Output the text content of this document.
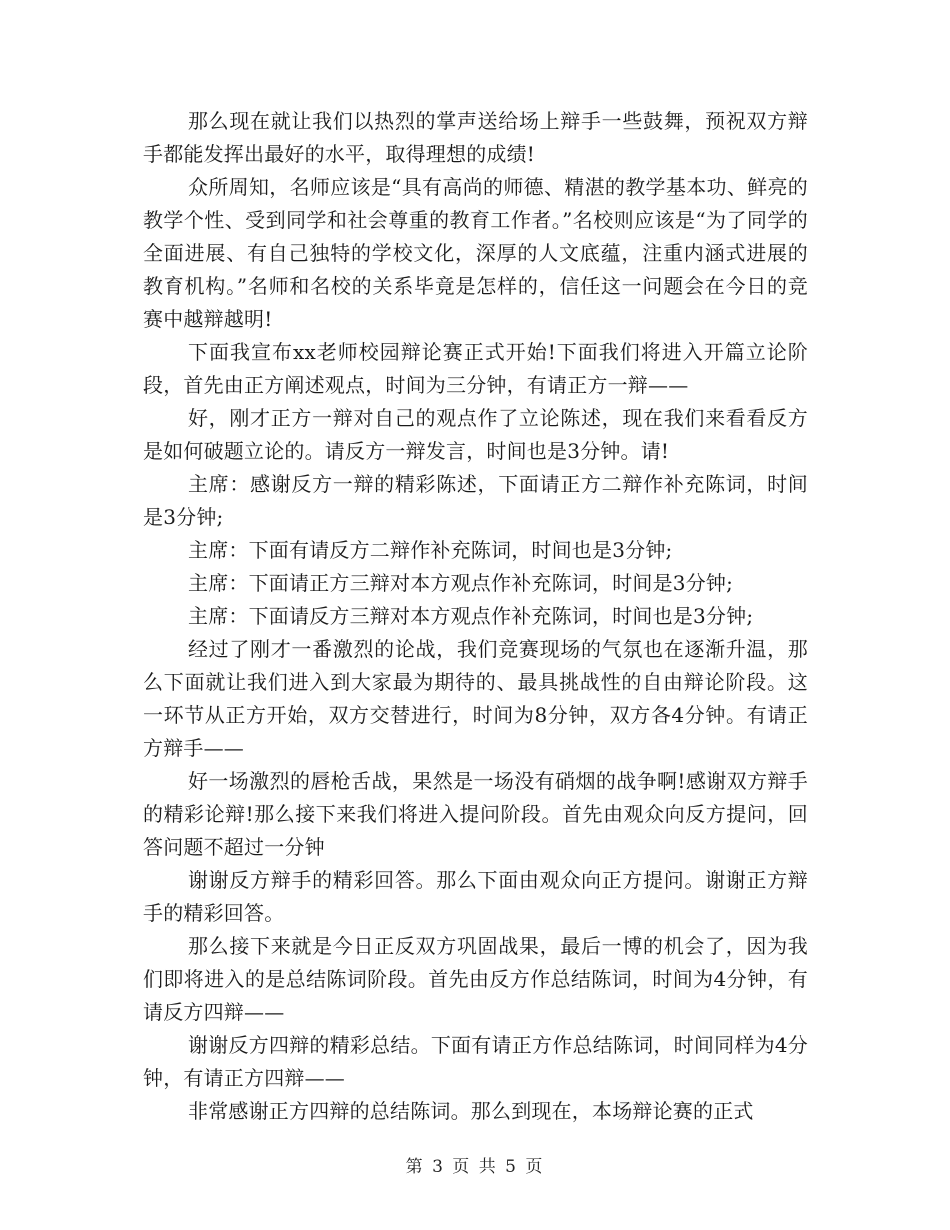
那么现在就让我们以热烈的掌声送给场上辩手一些鼓舞，预祝双方辩手都能发挥出最好的水平，取得理想的成绩!

众所周知，名师应该是“具有高尚的师德、精湛的教学基本功、鲜亮的教学个性、受到同学和社会尊重的教育工作者。”名校则应该是“为了同学的全面进展、有自己独特的学校文化，深厚的人文底蕴，注重内涵式进展的教育机构。”名师和名校的关系毕竟是怎样的，信任这一问题会在今日的竞赛中越辩越明!

下面我宣布xx老师校园辩论赛正式开始!下面我们将进入开篇立论阶段，首先由正方阐述观点，时间为三分钟，有请正方一辩——

好，刚才正方一辩对自己的观点作了立论陈述，现在我们来看看反方是如何破题立论的。请反方一辩发言，时间也是3分钟。请!

主席：感谢反方一辩的精彩陈述，下面请正方二辩作补充陈词，时间是3分钟;

主席：下面有请反方二辩作补充陈词，时间也是3分钟;

主席：下面请正方三辩对本方观点作补充陈词，时间是3分钟;

主席：下面请反方三辩对本方观点作补充陈词，时间也是3分钟;

经过了刚才一番激烈的论战，我们竞赛现场的气氛也在逐渐升温，那么下面就让我们进入到大家最为期待的、最具挑战性的自由辩论阶段。这一环节从正方开始，双方交替进行，时间为8分钟，双方各4分钟。有请正方辩手——

好一场激烈的唇枪舌战，果然是一场没有硝烟的战争啊!感谢双方辩手的精彩论辩!那么接下来我们将进入提问阶段。首先由观众向反方提问，回答问题不超过一分钟

谢谢反方辩手的精彩回答。那么下面由观众向正方提问。谢谢正方辩手的精彩回答。

那么接下来就是今日正反双方巩固战果，最后一博的机会了，因为我们即将进入的是总结陈词阶段。首先由反方作总结陈词，时间为4分钟，有请反方四辩——

谢谢反方四辩的精彩总结。下面有请正方作总结陈词，时间同样为4分钟，有请正方四辩——

非常感谢正方四辩的总结陈词。那么到现在，本场辩论赛的正式

第 3 页 共 5 页
